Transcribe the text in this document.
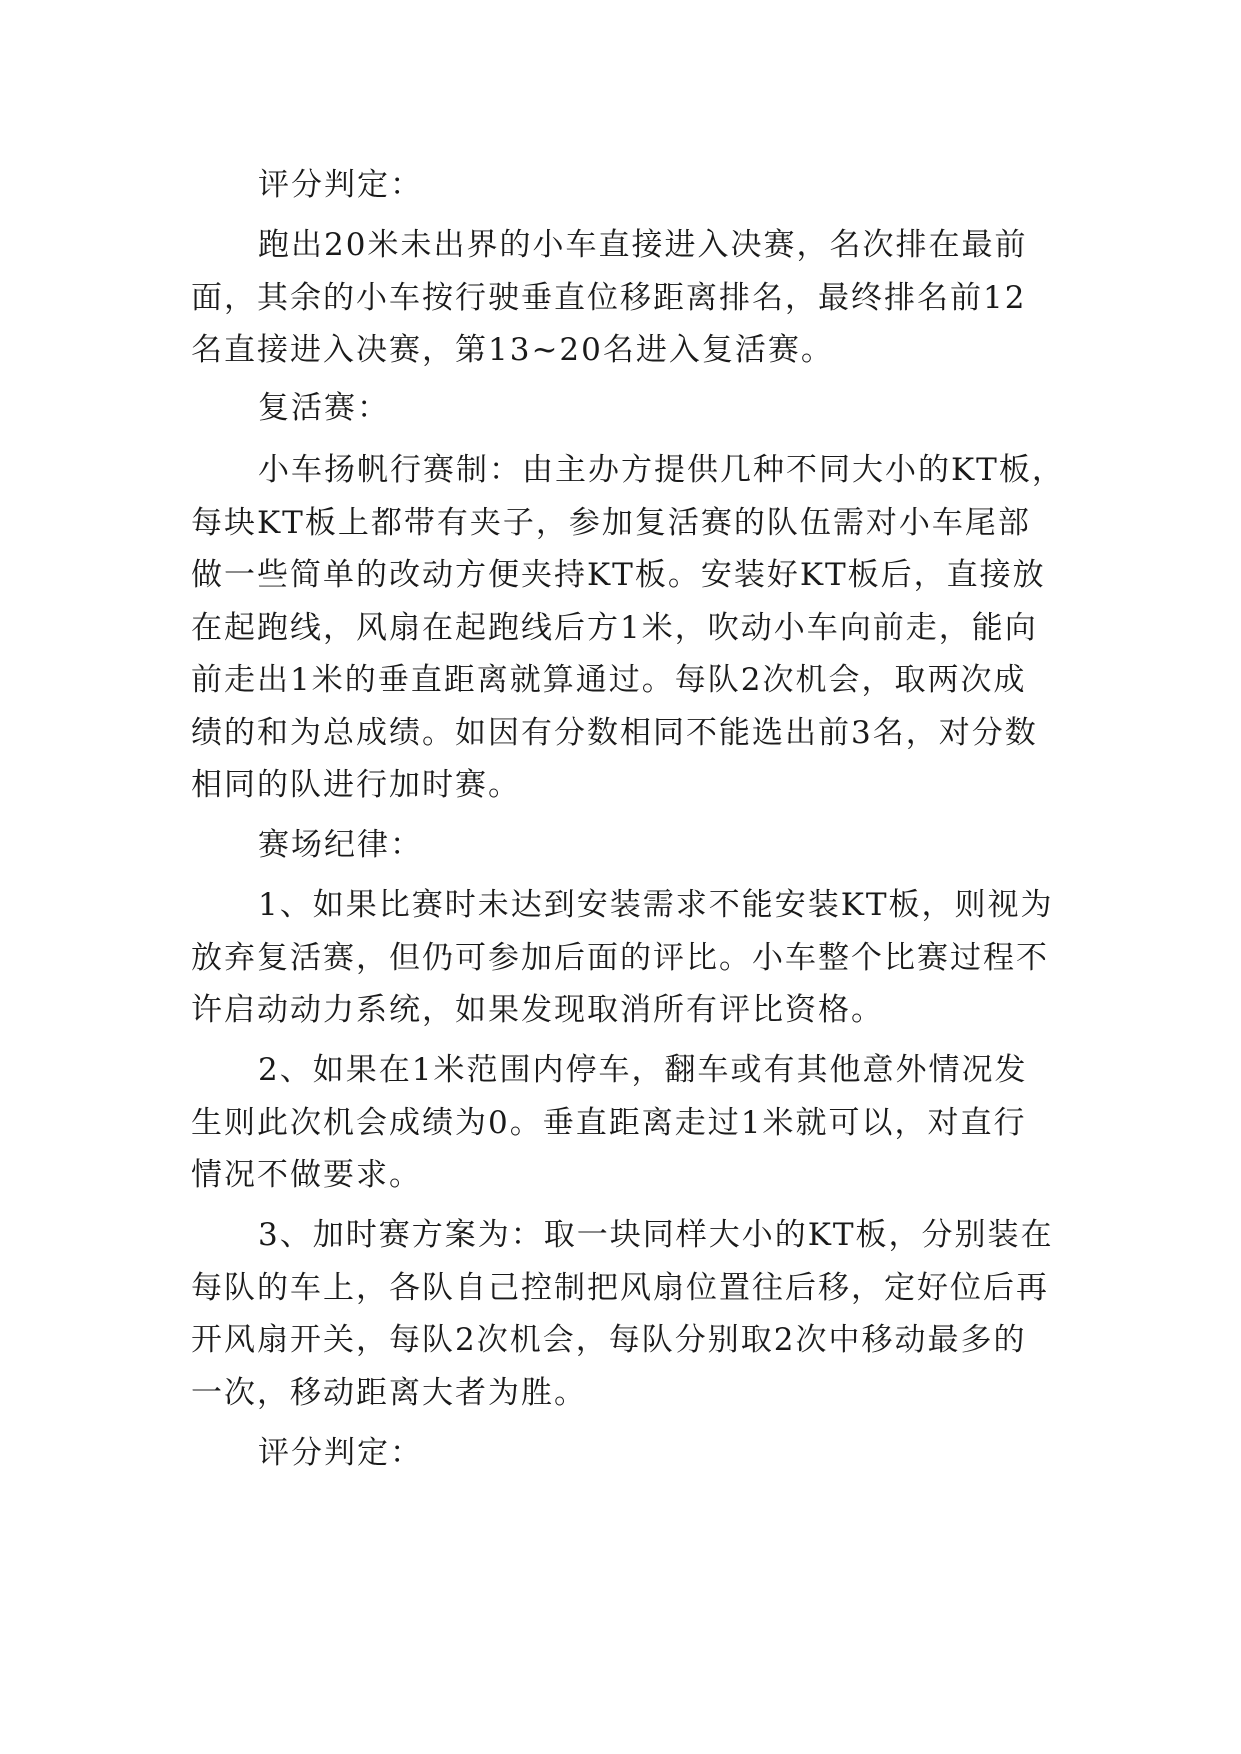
评分判定：
跑出20米未出界的小车直接进入决赛，名次排在最前
面，其余的小车按行驶垂直位移距离排名，最终排名前12
名直接进入决赛，第13~20名进入复活赛。
复活赛：
小车扬帆行赛制：由主办方提供几种不同大小的KT板，
每块KT板上都带有夹子，参加复活赛的队伍需对小车尾部
做一些简单的改动方便夹持KT板。安装好KT板后，直接放
在起跑线，风扇在起跑线后方1米，吹动小车向前走，能向
前走出1米的垂直距离就算通过。每队2次机会，取两次成
绩的和为总成绩。如因有分数相同不能选出前3名，对分数
相同的队进行加时赛。
赛场纪律：
1、如果比赛时未达到安装需求不能安装KT板，则视为
放弃复活赛，但仍可参加后面的评比。小车整个比赛过程不
许启动动力系统，如果发现取消所有评比资格。
2、如果在1米范围内停车，翻车或有其他意外情况发
生则此次机会成绩为0。垂直距离走过1米就可以，对直行
情况不做要求。
3、加时赛方案为：取一块同样大小的KT板，分别装在
每队的车上，各队自己控制把风扇位置往后移，定好位后再
开风扇开关，每队2次机会，每队分别取2次中移动最多的
一次，移动距离大者为胜。
评分判定：
